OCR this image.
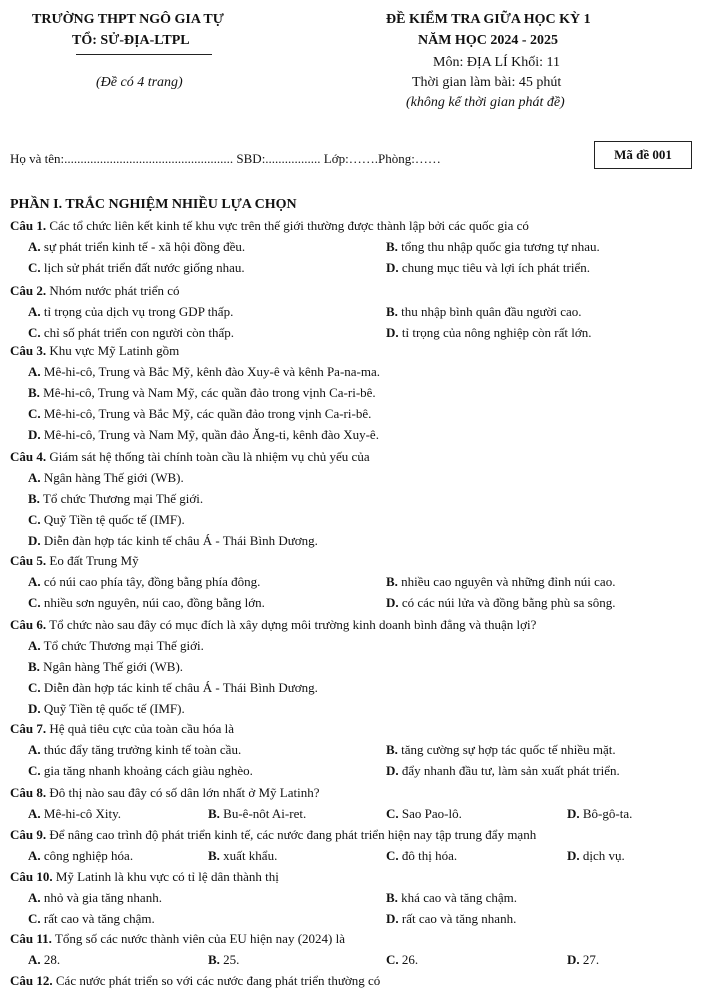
TRƯỜNG THPT NGÔ GIA TỰ
TỔ: SỬ-ĐỊA-LTPL
(Đề có 4 trang)
ĐỀ KIỂM TRA GIỮA HỌC KỲ 1
NĂM HỌC 2024 - 2025
Môn: ĐỊA LÍ Khối: 11
Thời gian làm bài: 45 phút
(không kể thời gian phát đề)
Họ và tên:.................................................... SBD:................. Lớp:…….Phòng:……	Mã đề 001
PHẦN I. TRẮC NGHIỆM NHIỀU LỰA CHỌN
Câu 1. Các tổ chức liên kết kinh tế khu vực trên thế giới thường được thành lập bởi các quốc gia có
A. sự phát triển kinh tế - xã hội đồng đều.	B. tổng thu nhập quốc gia tương tự nhau.
C. lịch sử phát triển đất nước giống nhau.	D. chung mục tiêu và lợi ích phát triển.
Câu 2. Nhóm nước phát triển có
A. tỉ trọng của dịch vụ trong GDP thấp.	B. thu nhập bình quân đầu người cao.
C. chỉ số phát triển con người còn thấp.	D. tỉ trọng của nông nghiệp còn rất lớn.
Câu 3. Khu vực Mỹ Latinh gồm
A. Mê-hi-cô, Trung và Bắc Mỹ, kênh đào Xuy-ê và kênh Pa-na-ma.
B. Mê-hi-cô, Trung và Nam Mỹ, các quần đảo trong vịnh Ca-ri-bê.
C. Mê-hi-cô, Trung và Bắc Mỹ, các quần đảo trong vịnh Ca-ri-bê.
D. Mê-hi-cô, Trung và Nam Mỹ, quần đảo Ăng-ti, kênh đào Xuy-ê.
Câu 4. Giám sát hệ thống tài chính toàn cầu là nhiệm vụ chủ yếu của
A. Ngân hàng Thế giới (WB).
B. Tổ chức Thương mại Thế giới.
C. Quỹ Tiền tệ quốc tế (IMF).
D. Diễn đàn hợp tác kinh tế châu Á - Thái Bình Dương.
Câu 5. Eo đất Trung Mỹ
A. có núi cao phía tây, đồng bằng phía đông.	B. nhiều cao nguyên và những đỉnh núi cao.
C. nhiều sơn nguyên, núi cao, đồng bằng lớn.	D. có các núi lửa và đồng bằng phù sa sông.
Câu 6. Tổ chức nào sau đây có mục đích là xây dựng môi trường kinh doanh bình đẳng và thuận lợi?
A. Tổ chức Thương mại Thế giới.
B. Ngân hàng Thế giới (WB).
C. Diễn đàn hợp tác kinh tế châu Á - Thái Bình Dương.
D. Quỹ Tiền tệ quốc tế (IMF).
Câu 7. Hệ quả tiêu cực của toàn cầu hóa là
A. thúc đẩy tăng trưởng kinh tế toàn cầu.	B. tăng cường sự hợp tác quốc tế nhiều mặt.
C. gia tăng nhanh khoảng cách giàu nghèo.	D. đẩy nhanh đầu tư, làm sản xuất phát triển.
Câu 8. Đô thị nào sau đây có số dân lớn nhất ở Mỹ Latinh?
A. Mê-hi-cô Xity.	B. Bu-ê-nôt Ai-ret.	C. Sao Pao-lô.	D. Bô-gô-ta.
Câu 9. Để nâng cao trình độ phát triển kinh tế, các nước đang phát triển hiện nay tập trung đẩy mạnh
A. công nghiệp hóa.	B. xuất khẩu.	C. đô thị hóa.	D. dịch vụ.
Câu 10. Mỹ Latinh là khu vực có tỉ lệ dân thành thị
A. nhỏ và gia tăng nhanh.	B. khá cao và tăng chậm.
C. rất cao và tăng chậm.	D. rất cao và tăng nhanh.
Câu 11. Tổng số các nước thành viên của EU hiện nay (2024) là
A. 28.	B. 25.	C. 26.	D. 27.
Câu 12. Các nước phát triển so với các nước đang phát triển thường có
